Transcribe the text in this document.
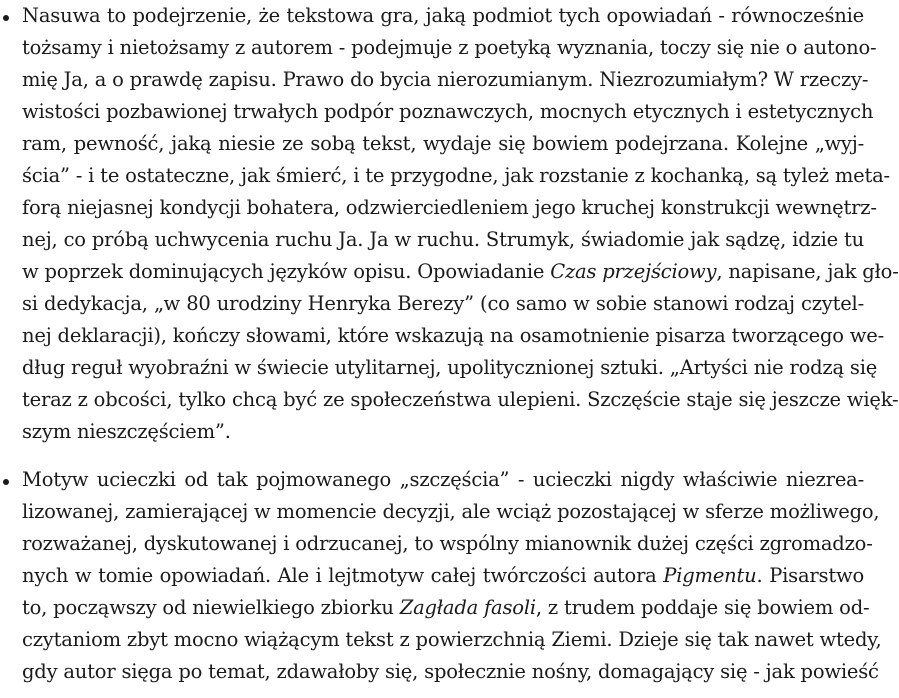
Nasuwa to podejrzenie, że tekstowa gra, jaką podmiot tych opowiadań - równocześnie
tożsamy i nietożsamy z autorem - podejmuje z poetyką wyznania, toczy się nie o autono-
mię Ja, a o prawdę zapisu. Prawo do bycia nierozumianym. Niezrozumiałym? W rzeczy-
wistości pozbawionej trwałych podpór poznawczych, mocnych etycznych i estetycznych
ram, pewność, jaką niesie ze sobą tekst, wydaje się bowiem podejrzana. Kolejne „wyj-
ścia” - i te ostateczne, jak śmierć, i te przygodne, jak rozstanie z kochanką, są tyleż meta-
forą niejasnej kondycji bohatera, odzwierciedleniem jego kruchej konstrukcji wewnętrz-
nej, co próbą uchwycenia ruchu Ja. Ja w ruchu. Strumyk, świadomie jak sądzę, idzie tu
w poprzek dominujących języków opisu. Opowiadanie Czas przejściowy, napisane, jak gło-
si dedykacja, „w 80 urodziny Henryka Berezy” (co samo w sobie stanowi rodzaj czytel-
nej deklaracji), kończy słowami, które wskazują na osamotnienie pisarza tworzącego we-
dług reguł wyobraźni w świecie utylitarnej, upolitycznionej sztuki. „Artyści nie rodzą się
teraz z obcości, tylko chcą być ze społeczeństwa ulepieni. Szczęście staje się jeszcze więk-
szym nieszczęściem”.
Motyw ucieczki od tak pojmowanego „szczęścia” - ucieczki nigdy właściwie niezrea-
lizowanej, zamierającej w momencie decyzji, ale wciąż pozostającej w sferze możliwego,
rozważanej, dyskutowanej i odrzucanej, to wspólny mianownik dużej części zgromadzo-
nych w tomie opowiadań. Ale i lejtmotyw całej twórczości autora Pigmentu. Pisarstwo
to, począwszy od niewielkiego zbiorku Zagłada fasoli, z trudem poddaje się bowiem od-
czytaniom zbyt mocno wiążącym tekst z powierzchnią Ziemi. Dzieje się tak nawet wtedy,
gdy autor sięga po temat, zdawałoby się, społecznie nośny, domagający się - jak powieść
